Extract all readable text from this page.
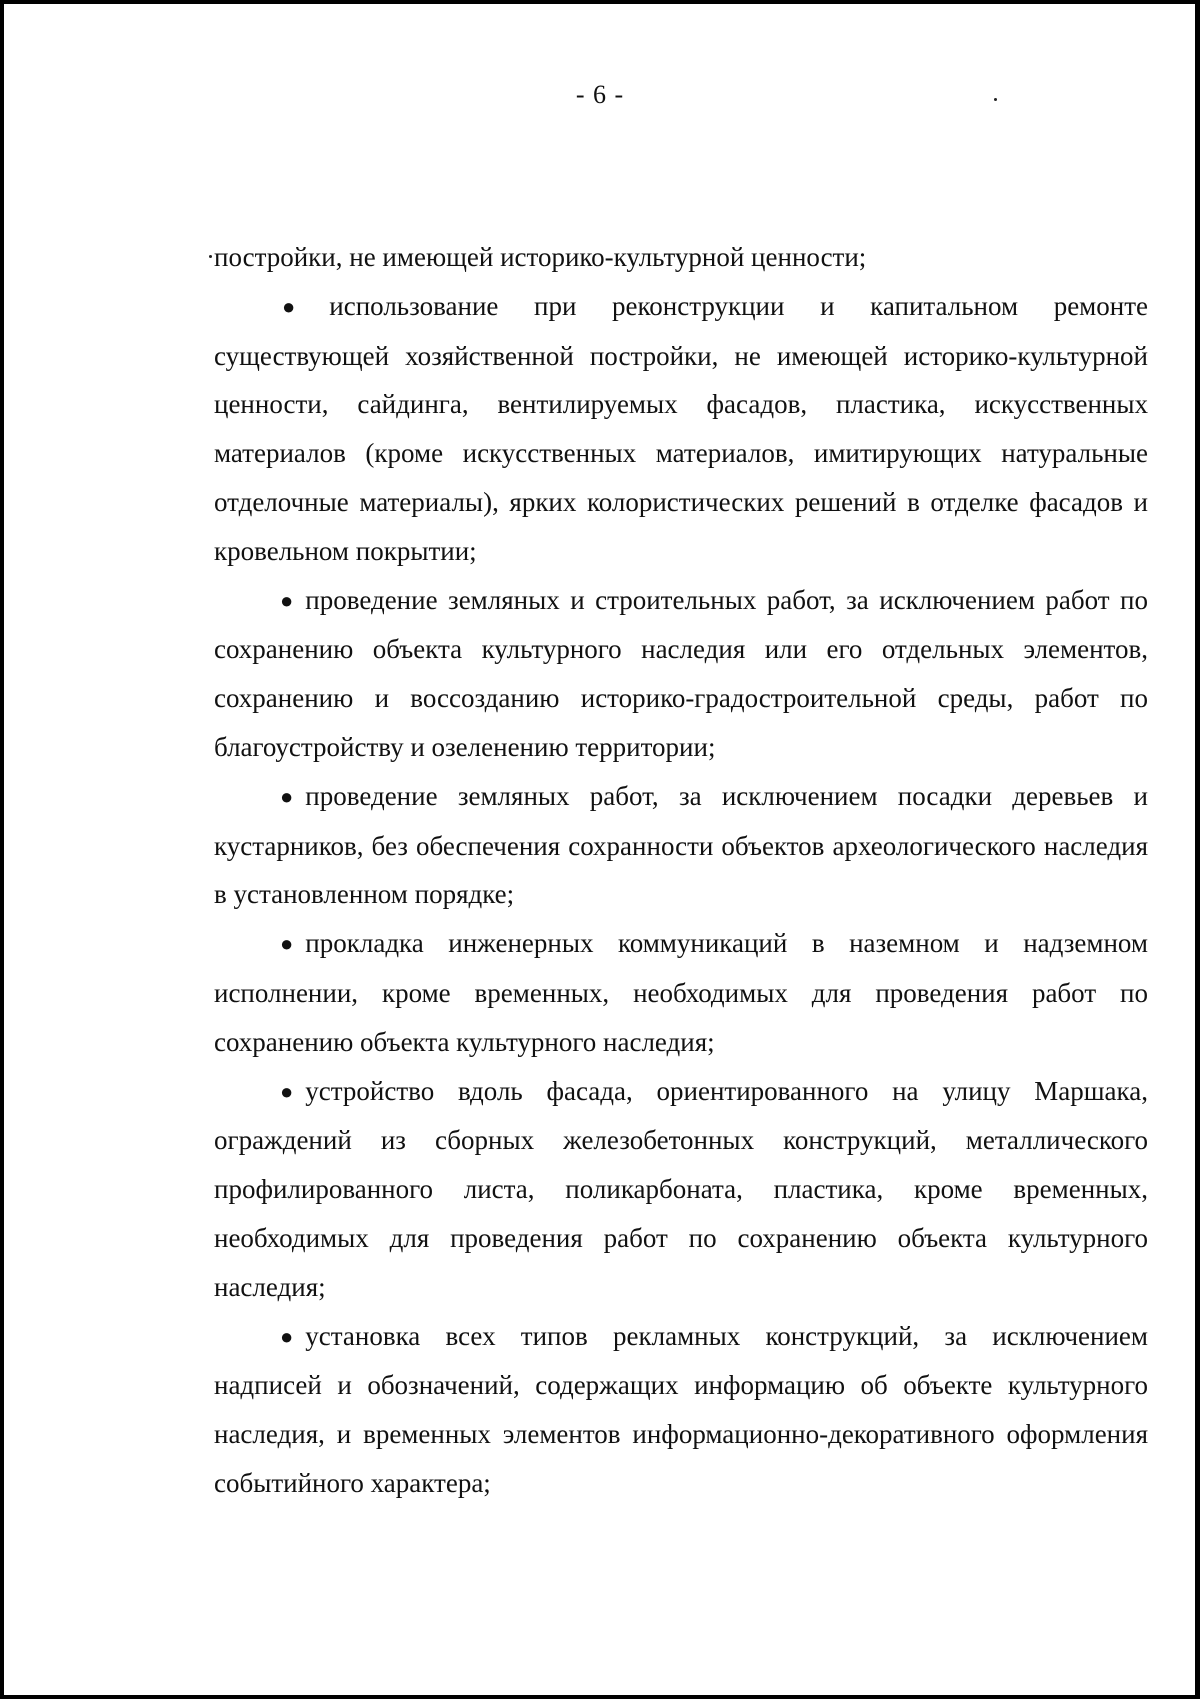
- 6 -

постройки, не имеющей историко-культурной ценности;

● использование при реконструкции и капитальном ремонте существующей хозяйственной постройки, не имеющей историко-культурной ценности, сайдинга, вентилируемых фасадов, пластика, искусственных материалов (кроме искусственных материалов, имитирующих натуральные отделочные материалы), ярких колористических решений в отделке фасадов и кровельном покрытии;

● проведение земляных и строительных работ, за исключением работ по сохранению объекта культурного наследия или его отдельных элементов, сохранению и воссозданию историко-градостроительной среды, работ по благоустройству и озеленению территории;

● проведение земляных работ, за исключением посадки деревьев и кустарников, без обеспечения сохранности объектов археологического наследия в установленном порядке;

● прокладка инженерных коммуникаций в наземном и надземном исполнении, кроме временных, необходимых для проведения работ по сохранению объекта культурного наследия;

● устройство вдоль фасада, ориентированного на улицу Маршака, ограждений из сборных железобетонных конструкций, металлического профилированного листа, поликарбоната, пластика, кроме временных, необходимых для проведения работ по сохранению объекта культурного наследия;

● установка всех типов рекламных конструкций, за исключением надписей и обозначений, содержащих информацию об объекте культурного наследия, и временных элементов информационно-декоративного оформления событийного характера;
